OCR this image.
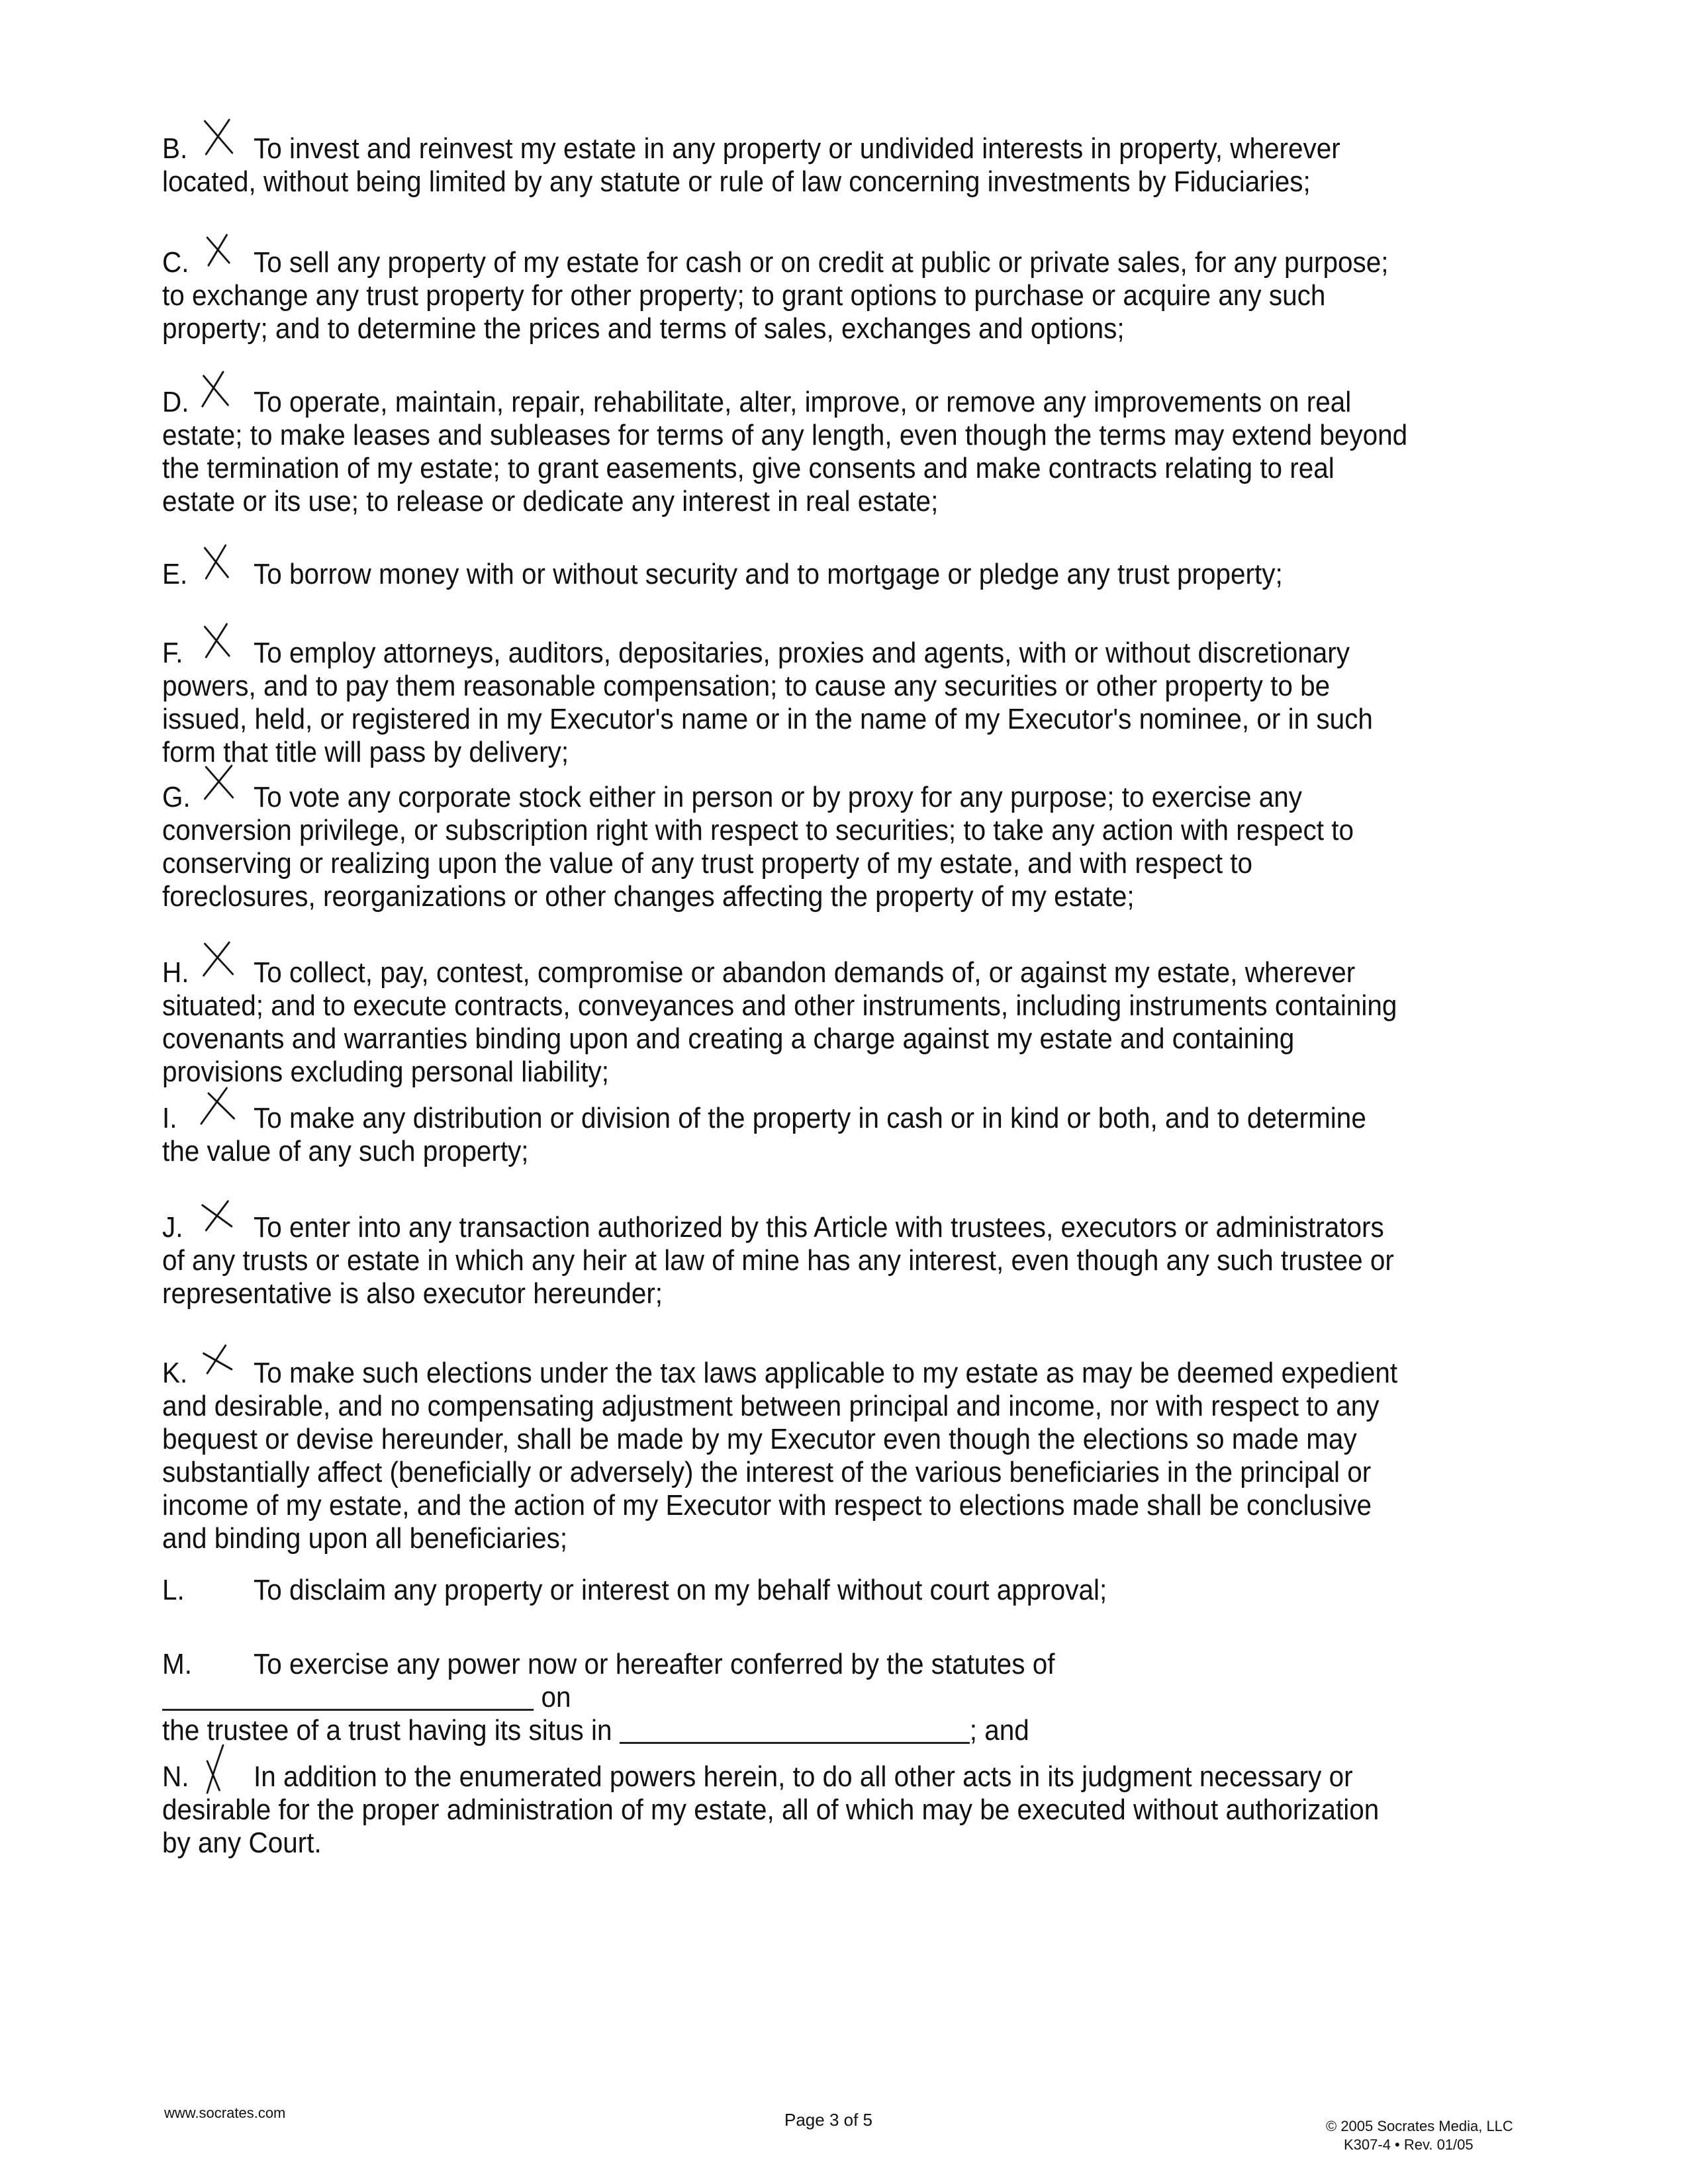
B. To invest and reinvest my estate in any property or undivided interests in property, wherever located, without being limited by any statute or rule of law concerning investments by Fiduciaries;
C. To sell any property of my estate for cash or on credit at public or private sales, for any purpose; to exchange any trust property for other property; to grant options to purchase or acquire any such property; and to determine the prices and terms of sales, exchanges and options;
D. To operate, maintain, repair, rehabilitate, alter, improve, or remove any improvements on real estate; to make leases and subleases for terms of any length, even though the terms may extend beyond the termination of my estate; to grant easements, give consents and make contracts relating to real estate or its use; to release or dedicate any interest in real estate;
E. To borrow money with or without security and to mortgage or pledge any trust property;
F. To employ attorneys, auditors, depositaries, proxies and agents, with or without discretionary powers, and to pay them reasonable compensation; to cause any securities or other property to be issued, held, or registered in my Executor's name or in the name of my Executor's nominee, or in such form that title will pass by delivery;
G. To vote any corporate stock either in person or by proxy for any purpose; to exercise any conversion privilege, or subscription right with respect to securities; to take any action with respect to conserving or realizing upon the value of any trust property of my estate, and with respect to foreclosures, reorganizations or other changes affecting the property of my estate;
H. To collect, pay, contest, compromise or abandon demands of, or against my estate, wherever situated; and to execute contracts, conveyances and other instruments, including instruments containing covenants and warranties binding upon and creating a charge against my estate and containing provisions excluding personal liability;
I.	To make any distribution or division of the property in cash or in kind or both, and to determine the value of any such property;
J. To enter into any transaction authorized by this Article with trustees, executors or administrators of any trusts or estate in which any heir at law of mine has any interest, even though any such trustee or representative is also executor hereunder;
K. To make such elections under the tax laws applicable to my estate as may be deemed expedient and desirable, and no compensating adjustment between principal and income, nor with respect to any bequest or devise hereunder, shall be made by my Executor even though the elections so made may substantially affect (beneficially or adversely) the interest of the various beneficiaries in the principal or income of my estate, and the action of my Executor with respect to elections made shall be conclusive and binding upon all beneficiaries;
L. To disclaim any property or interest on my behalf without court approval;
M. To exercise any power now or hereafter conferred by the statutes of  on
the trustee of a trust having its situs in	; and
N. In addition to the enumerated powers herein, to do all other acts in its judgment necessary or desirable for the proper administration of my estate, all of which may be executed without authorization by any Court.
www.socrates.com	Page 3 of 5	© 2005 Socrates Media, LLC
K307-4 • Rev. 01/05
